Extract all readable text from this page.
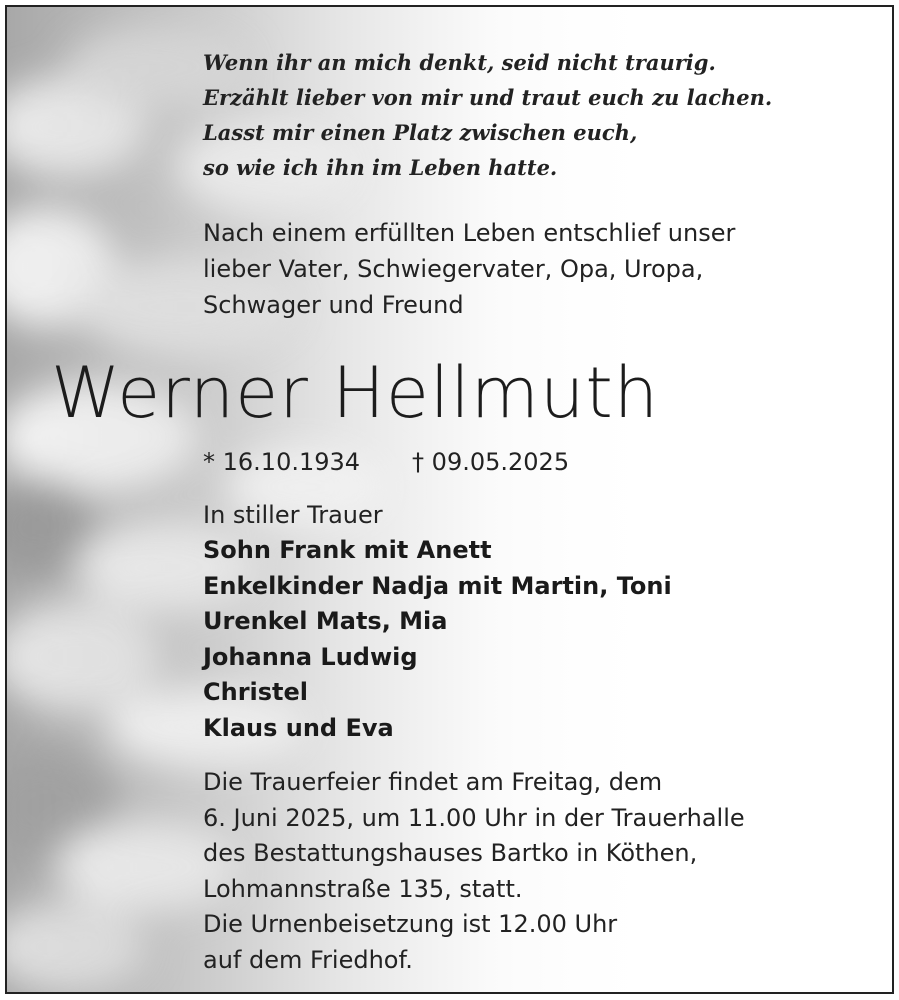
Wenn ihr an mich denkt, seid nicht traurig.
Erzählt lieber von mir und traut euch zu lachen.
Lasst mir einen Platz zwischen euch,
so wie ich ihn im Leben hatte.
Nach einem erfüllten Leben entschlief unser
lieber Vater, Schwiegervater, Opa, Uropa,
Schwager und Freund
Werner Hellmuth
* 16.10.1934 † 09.05.2025
In stiller Trauer
Sohn Frank mit Anett
Enkelkinder Nadja mit Martin, Toni
Urenkel Mats, Mia
Johanna Ludwig
Christel
Klaus und Eva
Die Trauerfeier findet am Freitag, dem
6. Juni 2025, um 11.00 Uhr in der Trauerhalle
des Bestattungshauses Bartko in Köthen,
Lohmannstraße 135, statt.
Die Urnenbeisetzung ist 12.00 Uhr
auf dem Friedhof.
